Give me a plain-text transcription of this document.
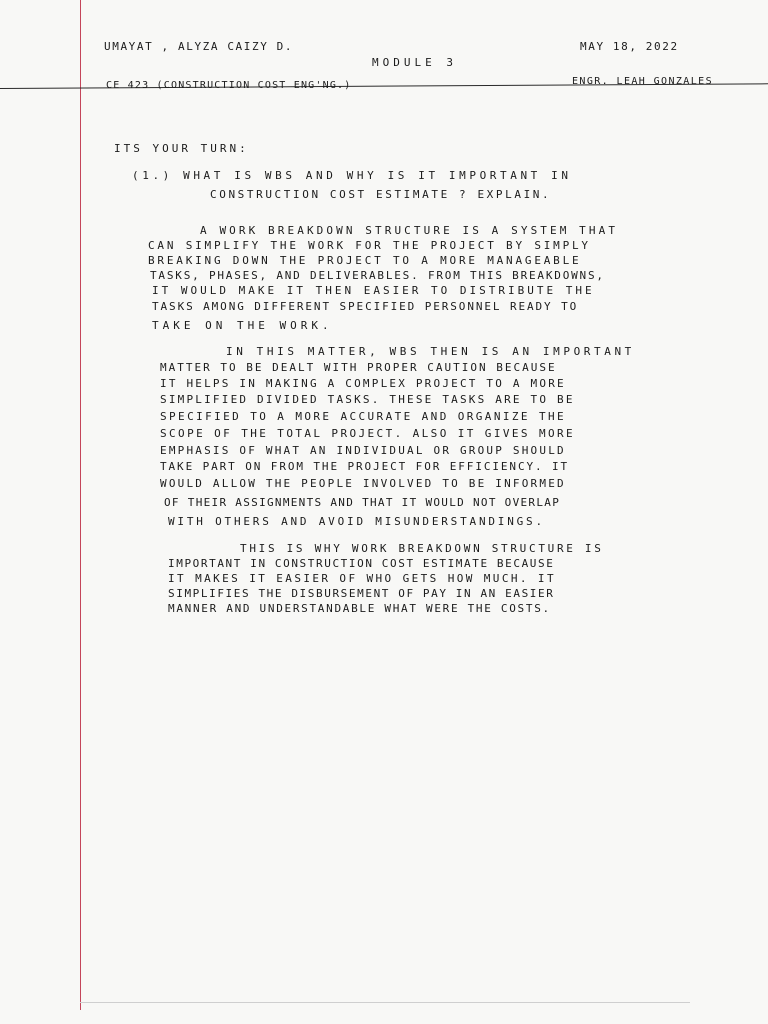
UMAYAT , ALYZA CAIZY D.
MODULE 3
MAY 18, 2022
CE 423 (CONSTRUCTION COST ENG'NG.)	ENGR. LEAH GONZALES
ITS YOUR TURN:
(1.) WHAT IS WBS AND WHY IS IT IMPORTANT IN
CONSTRUCTION COST ESTIMATE ? EXPLAIN.
A WORK BREAKDOWN STRUCTURE IS A SYSTEM THAT
CAN SIMPLIFY THE WORK FOR THE PROJECT BY SIMPLY
BREAKING DOWN THE PROJECT TO A MORE MANAGEABLE
TASKS, PHASES, AND DELIVERABLES. FROM THIS BREAKDOWNS,
IT WOULD MAKE IT THEN EASIER TO DISTRIBUTE THE
TASKS AMONG DIFFERENT SPECIFIED PERSONNEL READY TO
TAKE ON THE WORK.
IN THIS MATTER, WBS THEN IS AN IMPORTANT
MATTER TO BE DEALT WITH PROPER CAUTION BECAUSE
IT HELPS IN MAKING A COMPLEX PROJECT TO A MORE
SIMPLIFIED DIVIDED TASKS. THESE TASKS ARE TO BE
SPECIFIED TO A MORE ACCURATE AND ORGANIZE THE
SCOPE OF THE TOTAL PROJECT. ALSO IT GIVES MORE
EMPHASIS OF WHAT AN INDIVIDUAL OR GROUP SHOULD
TAKE PART ON FROM THE PROJECT FOR EFFICIENCY. IT
WOULD ALLOW THE PEOPLE INVOLVED TO BE INFORMED
OF THEIR ASSIGNMENTS AND THAT IT WOULD NOT OVERLAP
WITH OTHERS AND AVOID MISUNDERSTANDINGS.
THIS IS WHY WORK BREAKDOWN STRUCTURE IS
IMPORTANT IN CONSTRUCTION COST ESTIMATE BECAUSE
IT MAKES IT EASIER OF WHO GETS HOW MUCH. IT
SIMPLIFIES THE DISBURSEMENT OF PAY IN AN EASIER
MANNER AND UNDERSTANDABLE WHAT WERE THE COSTS.
